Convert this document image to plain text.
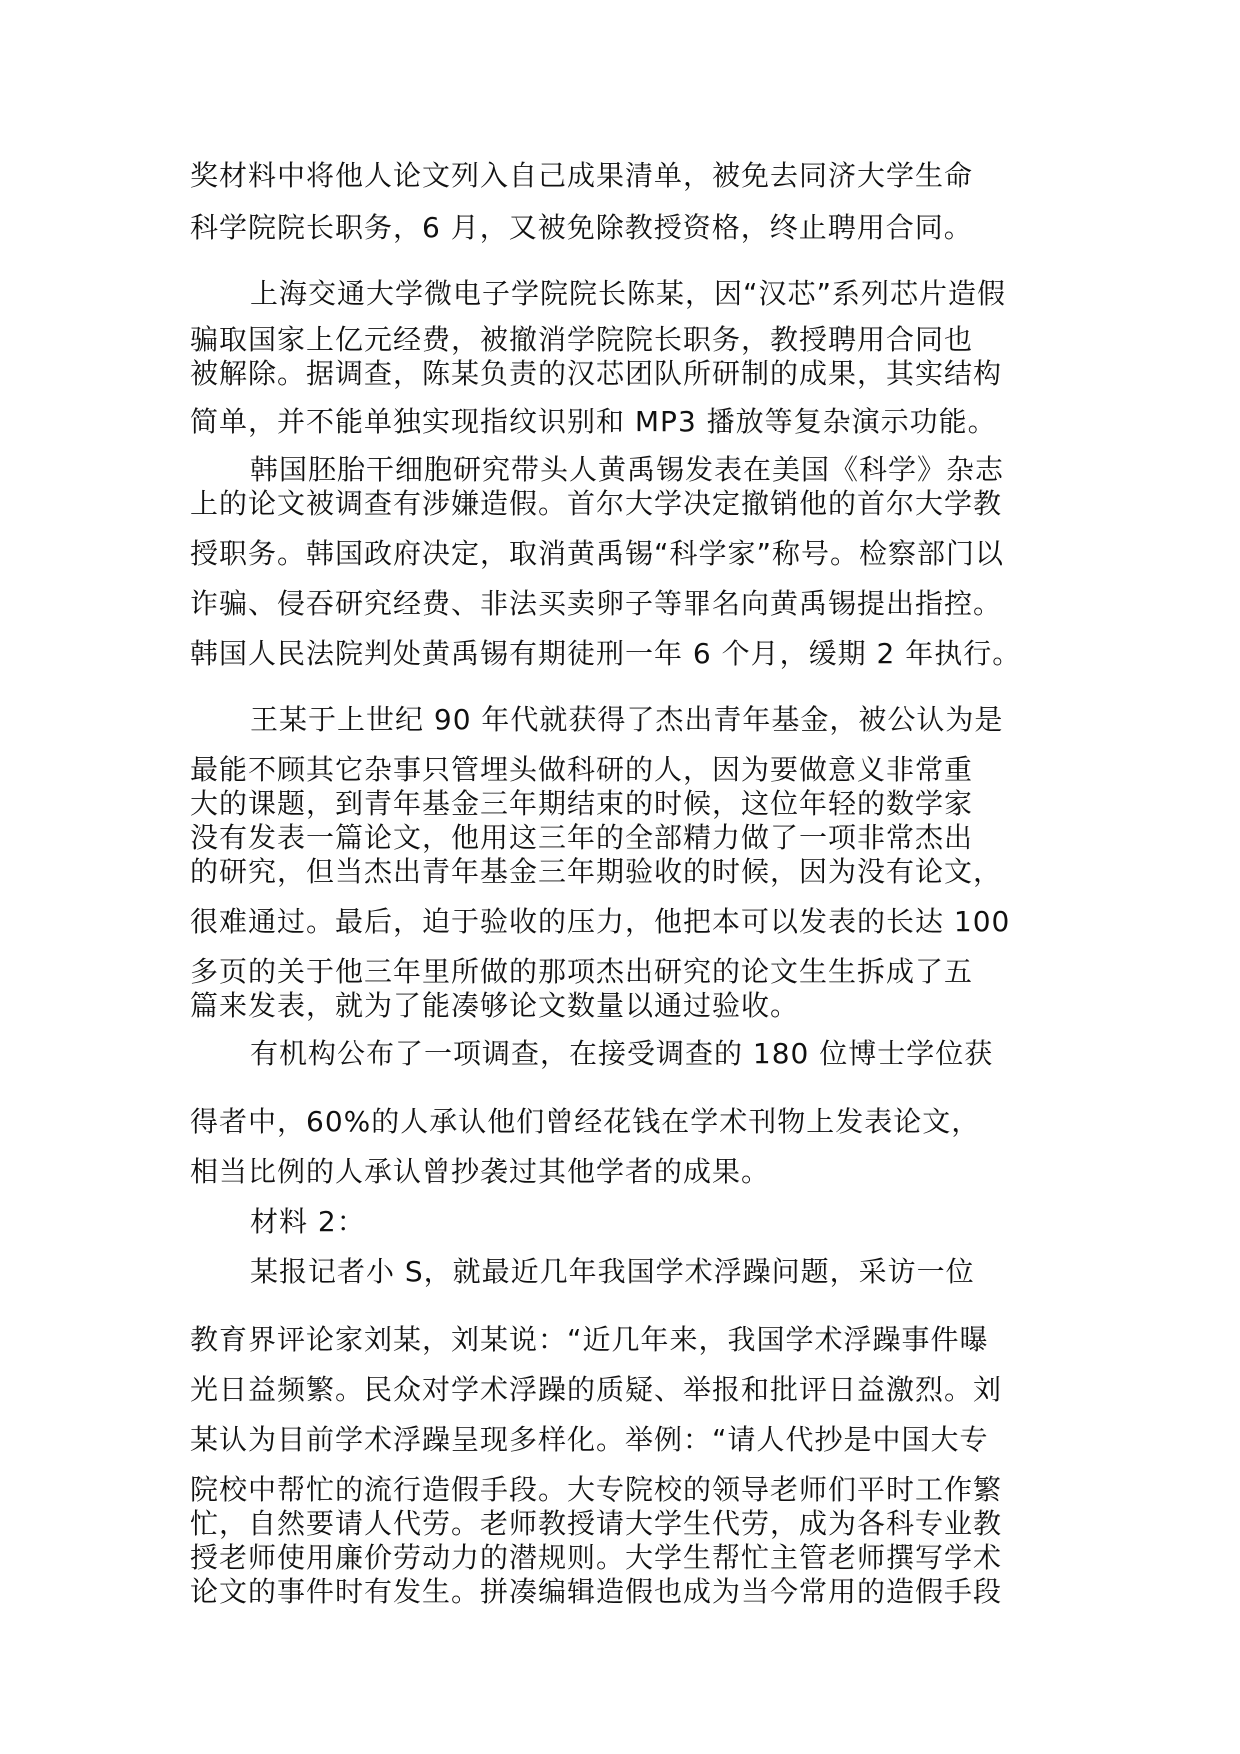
奖材料中将他人论文列入自己成果清单，被免去同济大学生命
科学院院长职务，6 月，又被免除教授资格，终止聘用合同。
上海交通大学微电子学院院长陈某，因“汉芯”系列芯片造假
骗取国家上亿元经费，被撤消学院院长职务，教授聘用合同也
被解除。据调查，陈某负责的汉芯团队所研制的成果，其实结构
简单，并不能单独实现指纹识别和 MP3 播放等复杂演示功能。
韩国胚胎干细胞研究带头人黄禹锡发表在美国《科学》杂志
上的论文被调查有涉嫌造假。首尔大学决定撤销他的首尔大学教
授职务。韩国政府决定，取消黄禹锡“科学家”称号。检察部门以
诈骗、侵吞研究经费、非法买卖卵子等罪名向黄禹锡提出指控。
韩国人民法院判处黄禹锡有期徒刑一年 6 个月，缓期 2 年执行。
王某于上世纪 90 年代就获得了杰出青年基金，被公认为是
最能不顾其它杂事只管埋头做科研的人，因为要做意义非常重
大的课题，到青年基金三年期结束的时候，这位年轻的数学家
没有发表一篇论文，他用这三年的全部精力做了一项非常杰出
的研究，但当杰出青年基金三年期验收的时候，因为没有论文，
很难通过。最后，迫于验收的压力，他把本可以发表的长达 100
多页的关于他三年里所做的那项杰出研究的论文生生拆成了五
篇来发表，就为了能凑够论文数量以通过验收。
有机构公布了一项调查，在接受调查的 180 位博士学位获
得者中，60%的人承认他们曾经花钱在学术刊物上发表论文，
相当比例的人承认曾抄袭过其他学者的成果。
材料 2：
某报记者小 S，就最近几年我国学术浮躁问题，采访一位
教育界评论家刘某，刘某说：“近几年来，我国学术浮躁事件曝
光日益频繁。民众对学术浮躁的质疑、举报和批评日益激烈。刘
某认为目前学术浮躁呈现多样化。举例：“请人代抄是中国大专
院校中帮忙的流行造假手段。大专院校的领导老师们平时工作繁
忙，自然要请人代劳。老师教授请大学生代劳，成为各科专业教
授老师使用廉价劳动力的潜规则。大学生帮忙主管老师撰写学术
论文的事件时有发生。拼凑编辑造假也成为当今常用的造假手段
